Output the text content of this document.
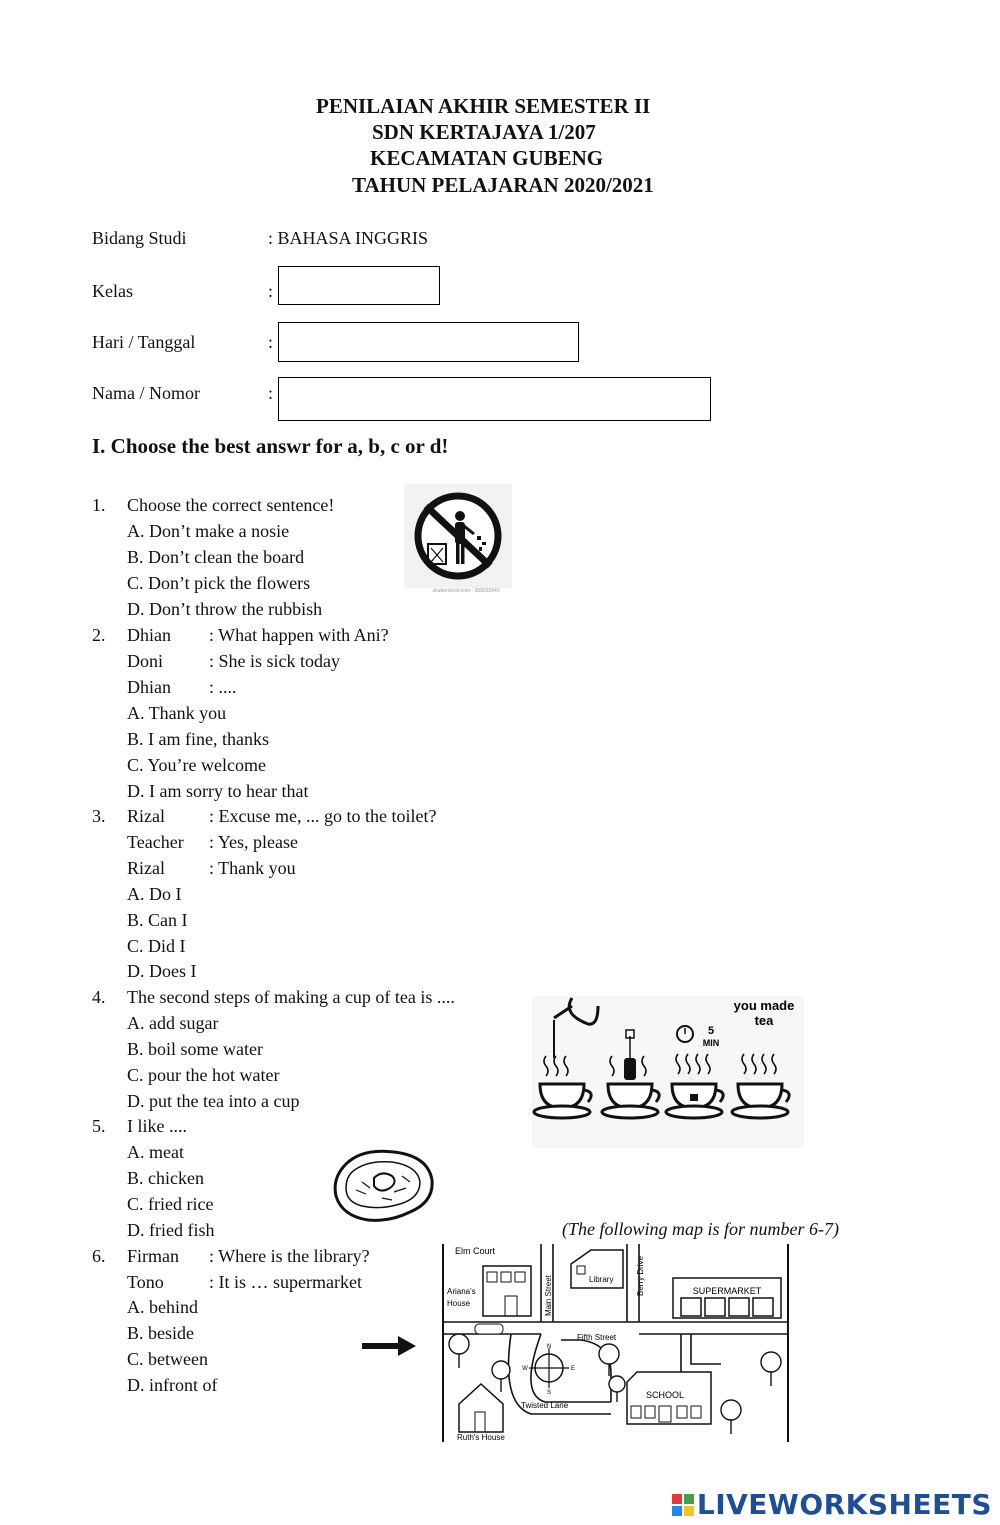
PENILAIAN AKHIR SEMESTER II
SDN KERTAJAYA 1/207
KECAMATAN GUBENG
TAHUN PELAJARAN 2020/2021
Bidang Studi	: BAHASA INGGRIS
Kelas	:
Hari / Tanggal	:
Nama / Nomor	:
I. Choose the best answr for a, b, c or d!
1. Choose the correct sentence!
A. Don’t make a nosie
B. Don’t clean the board
C. Don’t pick the flowers
D. Don’t throw the rubbish
shutterstock.com · 309265940
2. Dhian : What happen with Ani?
Doni	: She is sick today
Dhian : ....
A. Thank you
B. I am fine, thanks
C. You’re welcome
D. I am sorry to hear that
3. Rizal : Excuse me, ... go to the toilet?
Teacher : Yes, please
Rizal : Thank you
A. Do I
B. Can I
C. Did I
D. Does I
4. The second steps of making a cup of tea is ....
A. add sugar
B. boil some water
C. pour the hot water
D. put the tea into a cup
5
MIN
you made
tea
5. I like ....
A. meat
B. chicken
C. fried rice
D. fried fish	(The following map is for number 6-7)
6. Firman : Where is the library?
Tono	: It is … supermarket
A. behind
B. beside
C. between
D. infront of
N
S
E
W
Elm Court
Ariana's
House	Main Street	Library	Berry Drive	SUPERMARKET
Fifth Street
SCHOOL
Twisted Lane
Ruth's House
LIVEWORKSHEETS
